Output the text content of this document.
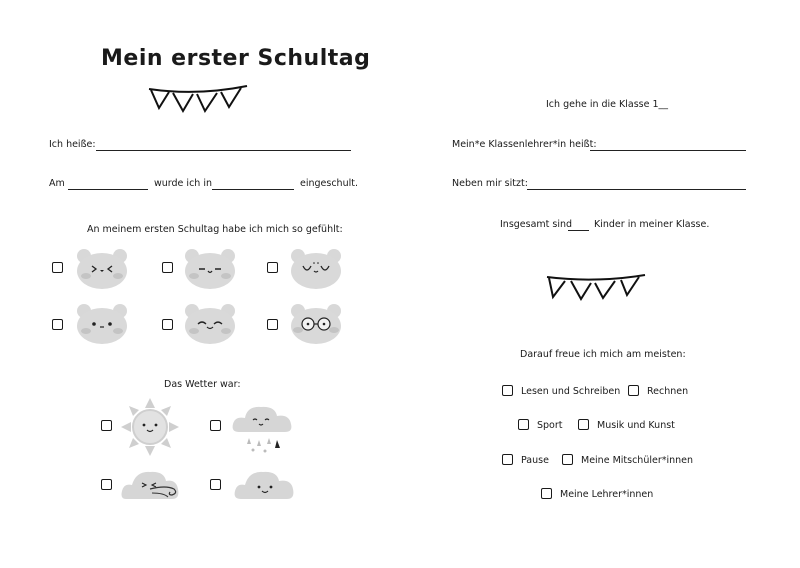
Mein erster Schultag
Ich heiße:
Am	wurde ich in	eingeschult.
An meinem ersten Schultag habe ich mich so gefühlt:
Das Wetter war:
Ich gehe in die Klasse 1__
Mein*e Klassenlehrer*in heißt:
Neben mir sitzt:
Insgesamt sind Kinder in meiner Klasse.
Darauf freue ich mich am meisten:
Lesen und Schreiben	Rechnen
Sport	Musik und Kunst
Pause	Meine Mitschüler*innen
Meine Lehrer*innen
